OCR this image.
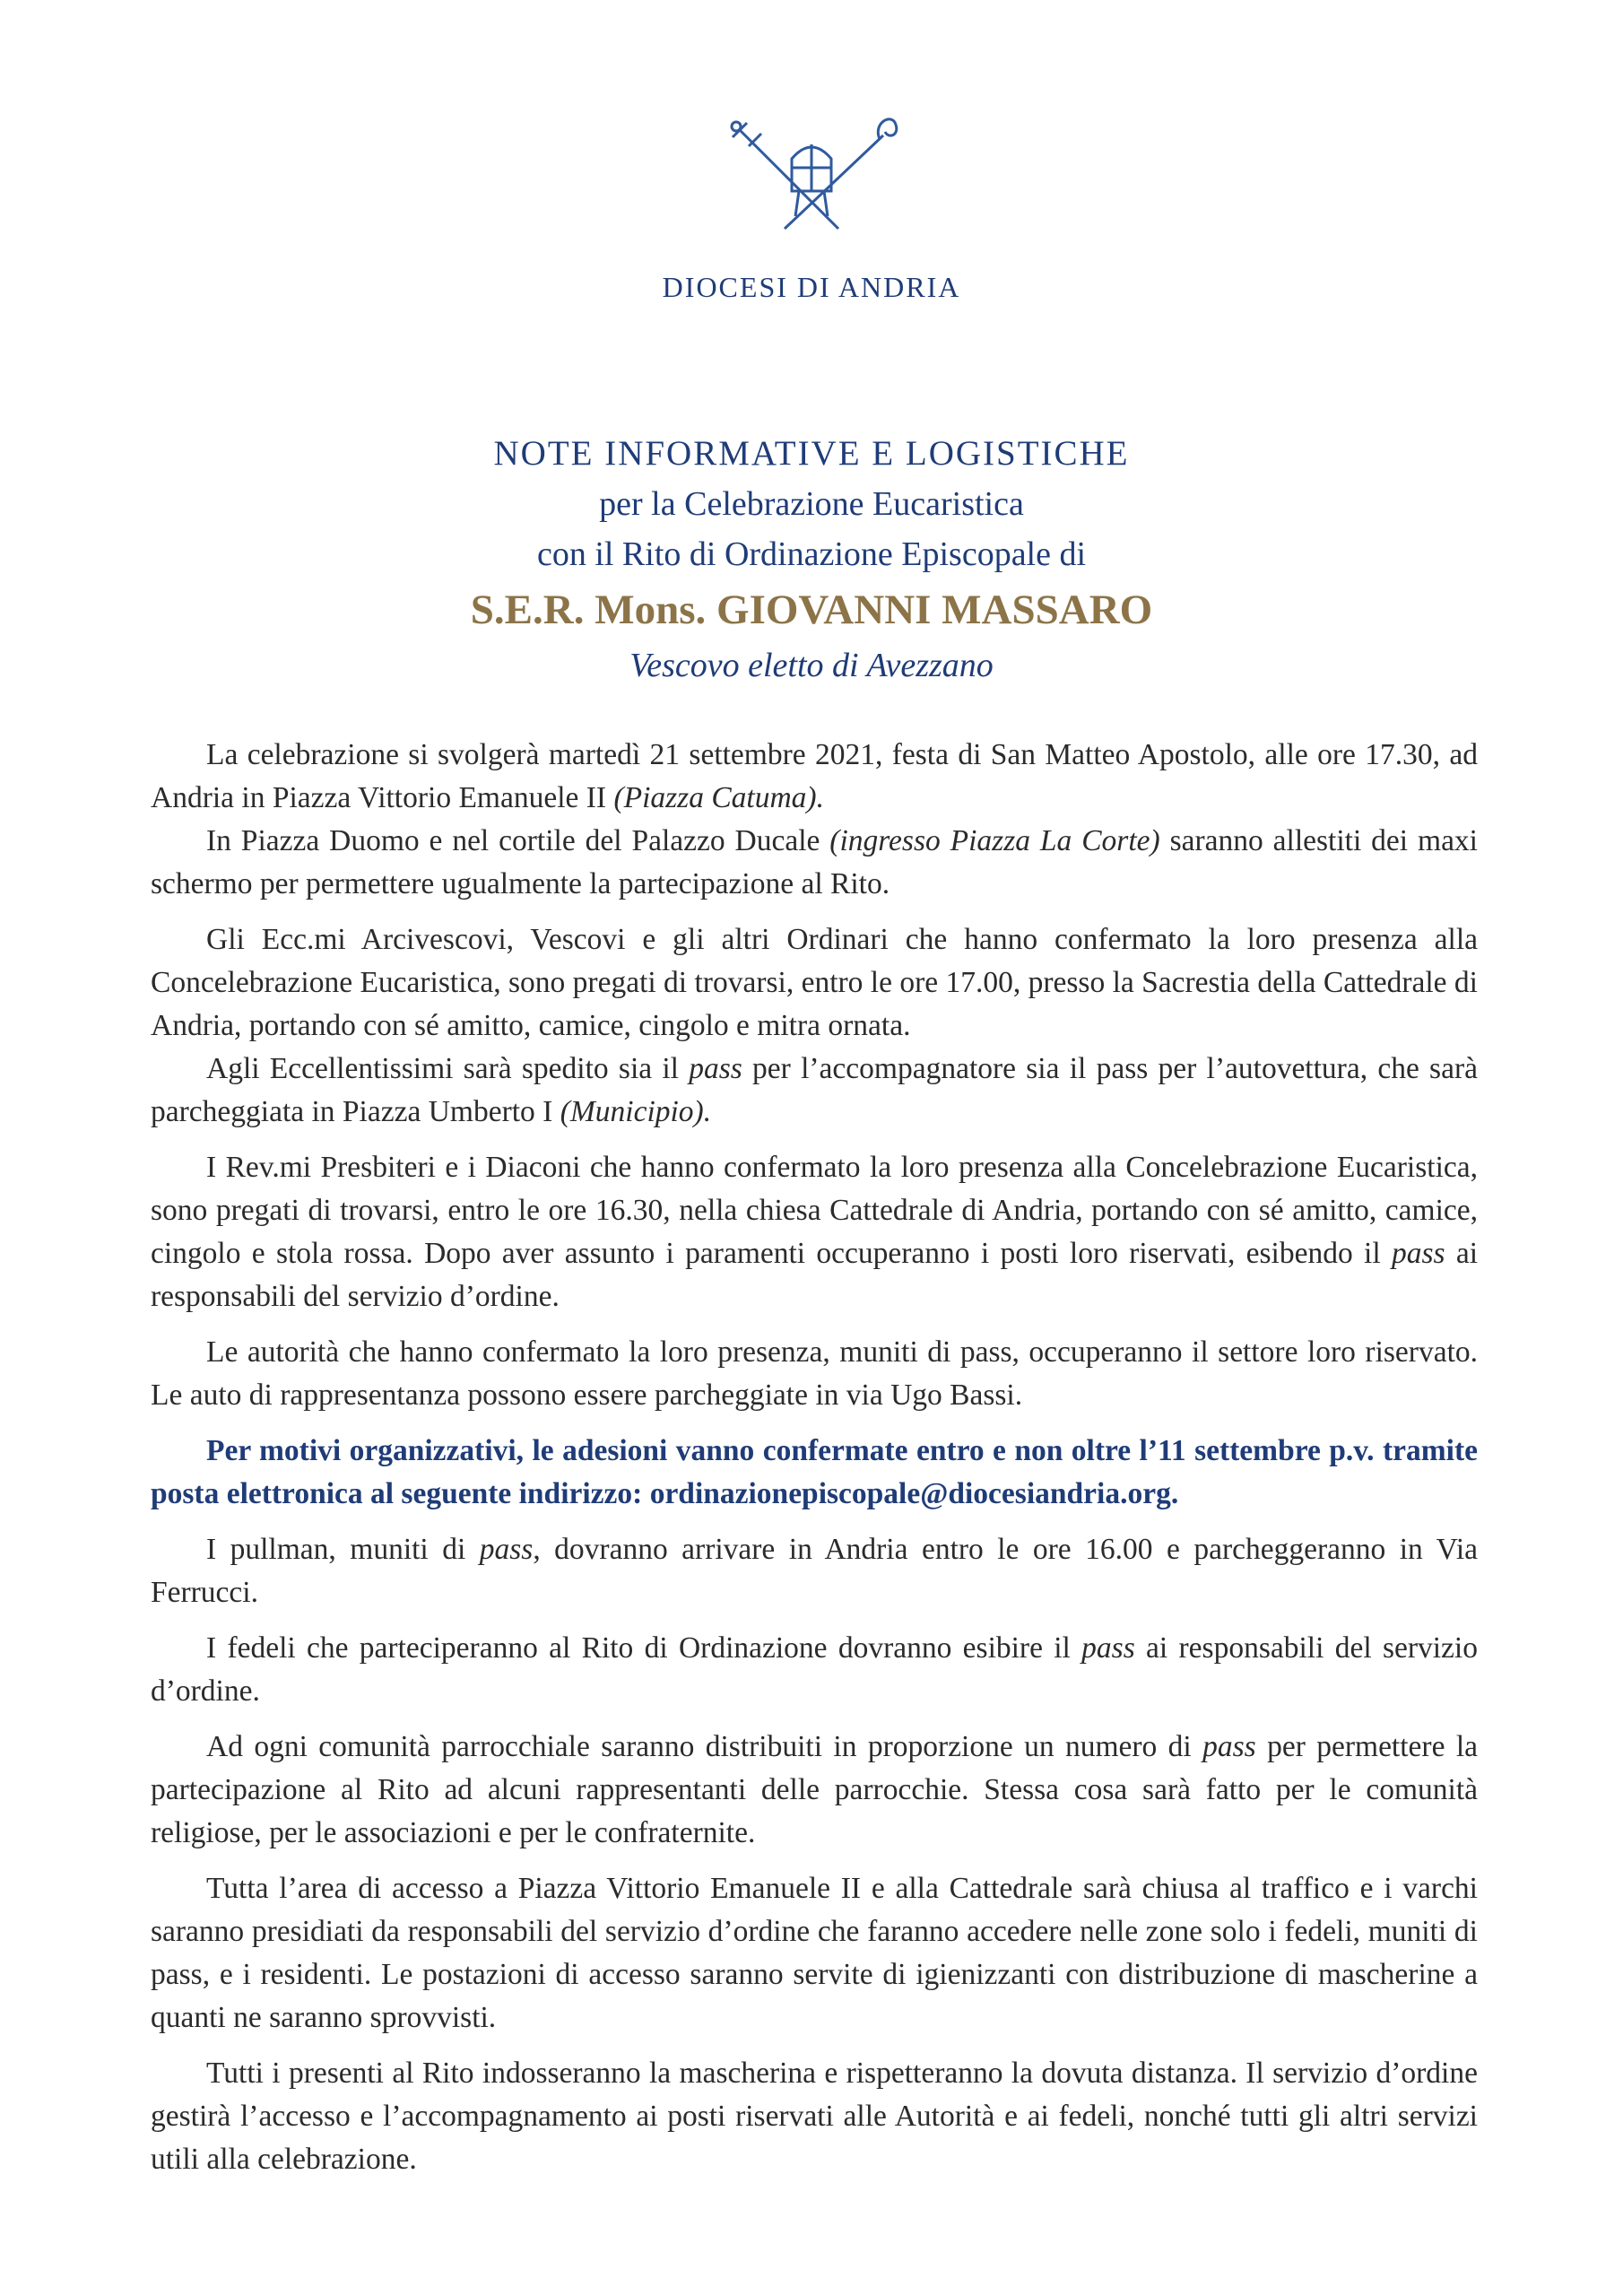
DIOCESI DI ANDRIA
NOTE INFORMATIVE E LOGISTICHE
per la Celebrazione Eucaristica
con il Rito di Ordinazione Episcopale di
S.E.R. Mons. GIOVANNI MASSARO
Vescovo eletto di Avezzano

La celebrazione si svolgerà martedì 21 settembre 2021, festa di San Matteo Apostolo, alle ore 17.30, ad Andria in Piazza Vittorio Emanuele II (Piazza Catuma).

In Piazza Duomo e nel cortile del Palazzo Ducale (ingresso Piazza La Corte) saranno allestiti dei maxi schermo per permettere ugualmente la partecipazione al Rito.

Gli Ecc.mi Arcivescovi, Vescovi e gli altri Ordinari che hanno confermato la loro presenza alla Concelebrazione Eucaristica, sono pregati di trovarsi, entro le ore 17.00, presso la Sacrestia della Cattedrale di Andria, portando con sé amitto, camice, cingolo e mitra ornata.

Agli Eccellentissimi sarà spedito sia il pass per l’accompagnatore sia il pass per l’autovettura, che sarà parcheggiata in Piazza Umberto I (Municipio).

I Rev.mi Presbiteri e i Diaconi che hanno confermato la loro presenza alla Concelebrazione Eucaristica, sono pregati di trovarsi, entro le ore 16.30, nella chiesa Cattedrale di Andria, portando con sé amitto, camice, cingolo e stola rossa. Dopo aver assunto i paramenti occuperanno i posti loro riservati, esibendo il pass ai responsabili del servizio d’ordine.

Le autorità che hanno confermato la loro presenza, muniti di pass, occuperanno il settore loro riservato. Le auto di rappresentanza possono essere parcheggiate in via Ugo Bassi.

Per motivi organizzativi, le adesioni vanno confermate entro e non oltre l’11 settembre p.v. tramite posta elettronica al seguente indirizzo: ordinazionepiscopale@diocesiandria.org.

I pullman, muniti di pass, dovranno arrivare in Andria entro le ore 16.00 e parcheggeranno in Via Ferrucci.

I fedeli che parteciperanno al Rito di Ordinazione dovranno esibire il pass ai responsabili del servizio d’ordine.

Ad ogni comunità parrocchiale saranno distribuiti in proporzione un numero di pass per permettere la partecipazione al Rito ad alcuni rappresentanti delle parrocchie. Stessa cosa sarà fatto per le comunità religiose, per le associazioni e per le confraternite.

Tutta l’area di accesso a Piazza Vittorio Emanuele II e alla Cattedrale sarà chiusa al traffico e i varchi saranno presidiati da responsabili del servizio d’ordine che faranno accedere nelle zone solo i fedeli, muniti di pass, e i residenti. Le postazioni di accesso saranno servite di igienizzanti con distribuzione di mascherine a quanti ne saranno sprovvisti.

Tutti i presenti al Rito indosseranno la mascherina e rispetteranno la dovuta distanza. Il servizio d’ordine gestirà l’accesso e l’accompagnamento ai posti riservati alle Autorità e ai fedeli, nonché tutti gli altri servizi utili alla celebrazione.
